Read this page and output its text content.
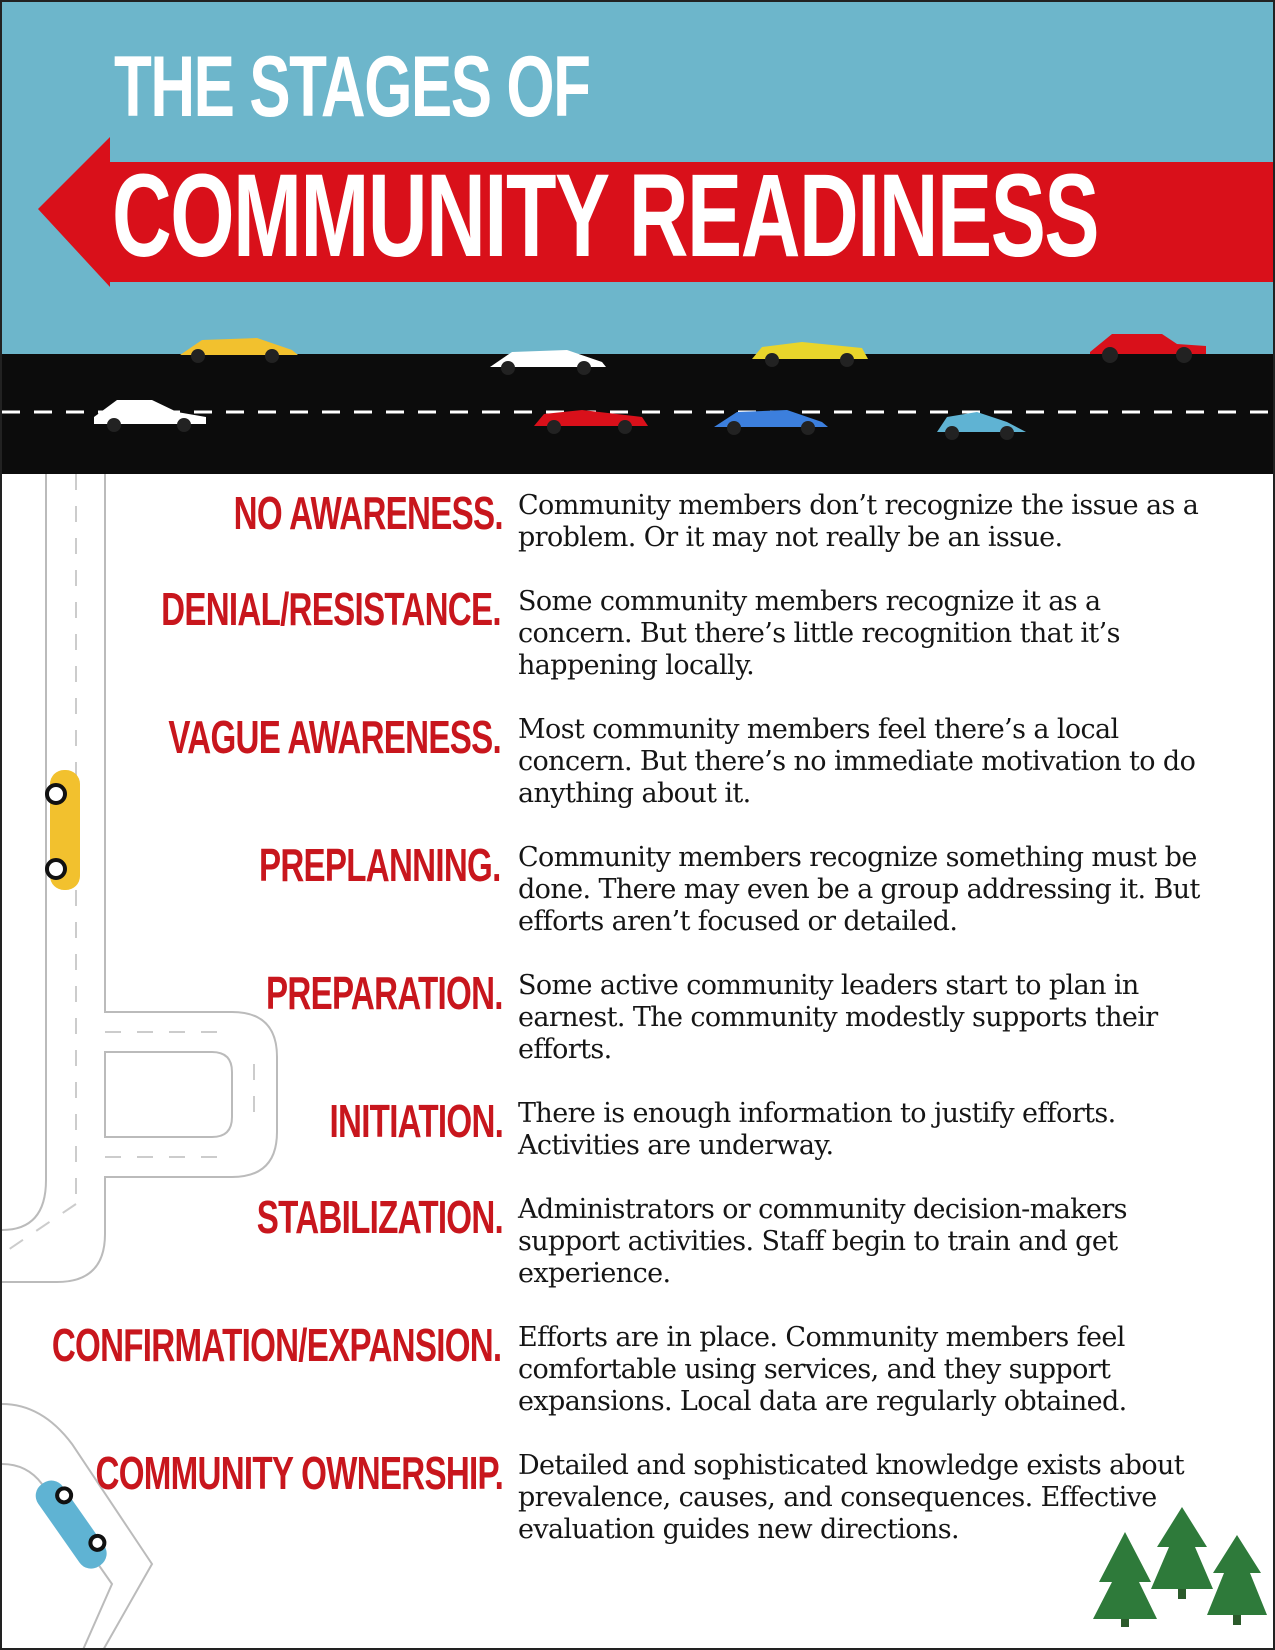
THE STAGES OF
COMMUNITY READINESS
NO AWARENESS. Community members don’t recognize the issue as a problem. Or it may not really be an issue.

DENIAL/RESISTANCE. Some community members recognize it as a concern. But there’s little recognition that it’s happening locally.

VAGUE AWARENESS. Most community members feel there’s a local concern. But there’s no immediate motivation to do anything about it.

PREPLANNING. Community members recognize something must be done. There may even be a group addressing it. But efforts aren’t focused or detailed.

PREPARATION. Some active community leaders start to plan in earnest. The community modestly supports their efforts.

INITIATION. There is enough information to justify efforts. Activities are underway.

STABILIZATION. Administrators or community decision-makers support activities. Staff begin to train and get experience.

CONFIRMATION/EXPANSION. Efforts are in place. Community members feel comfortable using services, and they support expansions. Local data are regularly obtained.

COMMUNITY OWNERSHIP. Detailed and sophisticated knowledge exists about prevalence, causes, and consequences. Effective evaluation guides new directions.
